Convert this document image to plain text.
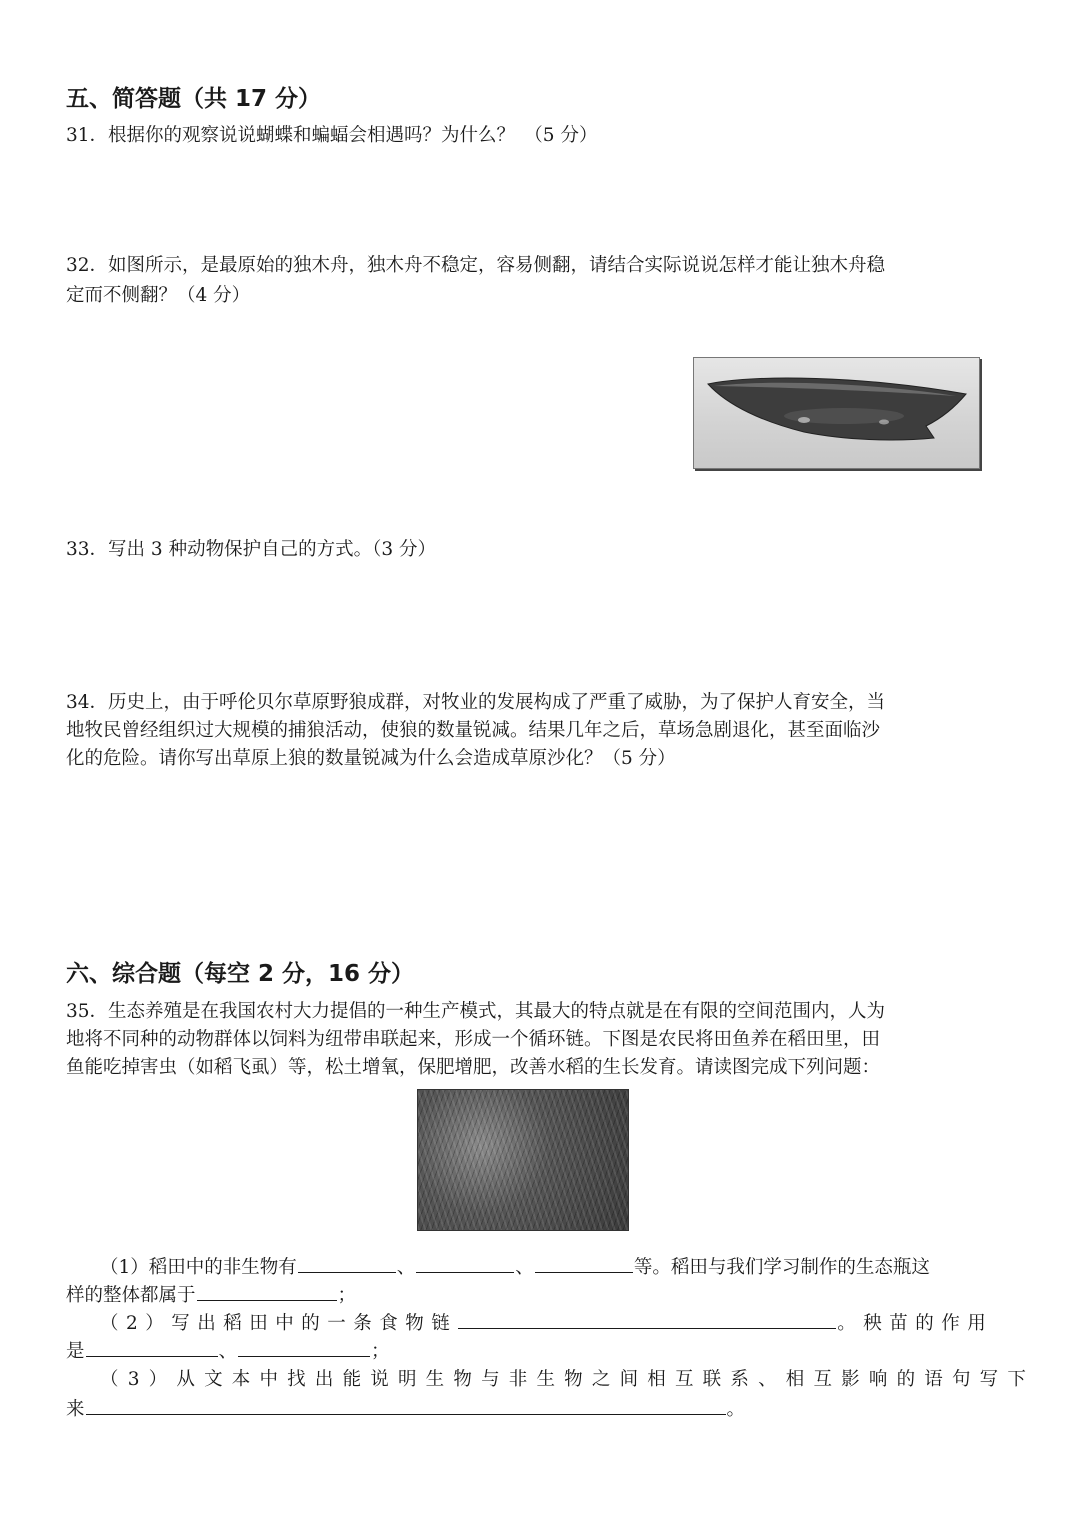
五、简答题（共 17 分）
31．根据你的观察说说蝴蝶和蝙蝠会相遇吗？为什么？　（5 分）
32．如图所示，是最原始的独木舟，独木舟不稳定，容易侧翻，请结合实际说说怎样才能让独木舟稳
定而不侧翻？（4 分）
33．写出 3 种动物保护自己的方式。（3 分）
34．历史上，由于呼伦贝尔草原野狼成群，对牧业的发展构成了严重了威胁，为了保护人育安全，当
地牧民曾经组织过大规模的捕狼活动，使狼的数量锐减。结果几年之后，草场急剧退化，甚至面临沙
化的危险。请你写出草原上狼的数量锐减为什么会造成草原沙化？（5 分）
六、综合题（每空 2 分，16 分）
35．生态养殖是在我国农村大力提倡的一种生产模式，其最大的特点就是在有限的空间范围内，人为
地将不同种的动物群体以饲料为纽带串联起来，形成一个循环链。下图是农民将田鱼养在稻田里，田
鱼能吃掉害虫（如稻飞虱）等，松土增氧，保肥增肥，改善水稻的生长发育。请读图完成下列问题：
（1）稻田中的非生物有	、	、	等。稻田与我们学习制作的生态瓶这
样的整体都属于	；
（2）写出稻田中的一条食物链	。秧苗的作用
是	、	；
（3）从文本中找出能说明生物与非生物之间相互联系、相互影响的语句写下
来	。
